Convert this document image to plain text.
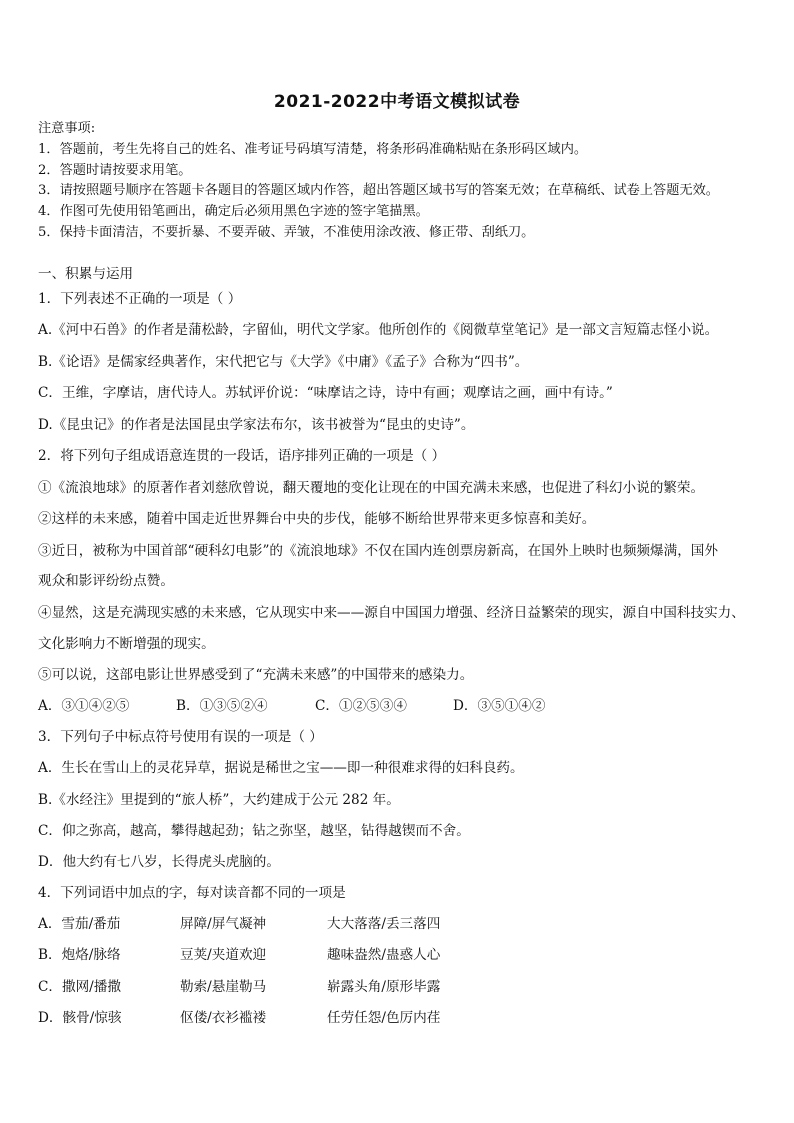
2021-2022中考语文模拟试卷
注意事项:
1．答题前，考生先将自己的姓名、准考证号码填写清楚，将条形码准确粘贴在条形码区域内。
2．答题时请按要求用笔。
3．请按照题号顺序在答题卡各题目的答题区域内作答，超出答题区域书写的答案无效；在草稿纸、试卷上答题无效。
4．作图可先使用铅笔画出，确定后必须用黑色字迹的签字笔描黑。
5．保持卡面清洁，不要折暴、不要弄破、弄皱，不准使用涂改液、修正带、刮纸刀。
一、积累与运用
1．下列表述不正确的一项是（ ）
A.《河中石兽》的作者是蒲松龄，字留仙，明代文学家。他所创作的《阅微草堂笔记》是一部文言短篇志怪小说。
B.《论语》是儒家经典著作，宋代把它与《大学》《中庸》《孟子》合称为“四书”。
C．王维，字摩诘，唐代诗人。苏轼评价说：“味摩诘之诗，诗中有画；观摩诘之画，画中有诗。”
D.《昆虫记》的作者是法国昆虫学家法布尔，该书被誉为“昆虫的史诗”。
2．将下列句子组成语意连贯的一段话，语序排列正确的一项是（ ）
①《流浪地球》的原著作者刘慈欣曾说，翻天覆地的变化让现在的中国充满未来感，也促进了科幻小说的繁荣。
②这样的未来感，随着中国走近世界舞台中央的步伐，能够不断给世界带来更多惊喜和美好。
③近日，被称为中国首部“硬科幻电影”的《流浪地球》不仅在国内连创票房新高，在国外上映时也频频爆满，国外
观众和影评纷纷点赞。
④显然，这是充满现实感的未来感，它从现实中来——源自中国国力增强、经济日益繁荣的现实，源自中国科技实力、
文化影响力不断增强的现实。
⑤可以说，这部电影让世界感受到了“充满未来感”的中国带来的感染力。
A．③①④②⑤	B．①③⑤②④	C．①②⑤③④	D．③⑤①④②
3．下列句子中标点符号使用有误的一项是（ ）
A．生长在雪山上的灵花异草，据说是稀世之宝——即一种很难求得的妇科良药。
B.《水经注》里提到的“旅人桥”，大约建成于公元 282 年。
C．仰之弥高，越高，攀得越起劲；钻之弥坚，越坚，钻得越锲而不舍。
D．他大约有七八岁，长得虎头虎脑的。
4．下列词语中加点的字，每对读音都不同的一项是
A．雪茄/番茄	屏障/屏气凝神	大大落落/丢三落四
B．炮烙/脉络	豆荚/夹道欢迎	趣味盎然/蛊惑人心
C．撒网/播撒	勒索/悬崖勒马	崭露头角/原形毕露
D．骸骨/惊骇	伛偻/衣衫褴褛	任劳任怨/色厉内荏
